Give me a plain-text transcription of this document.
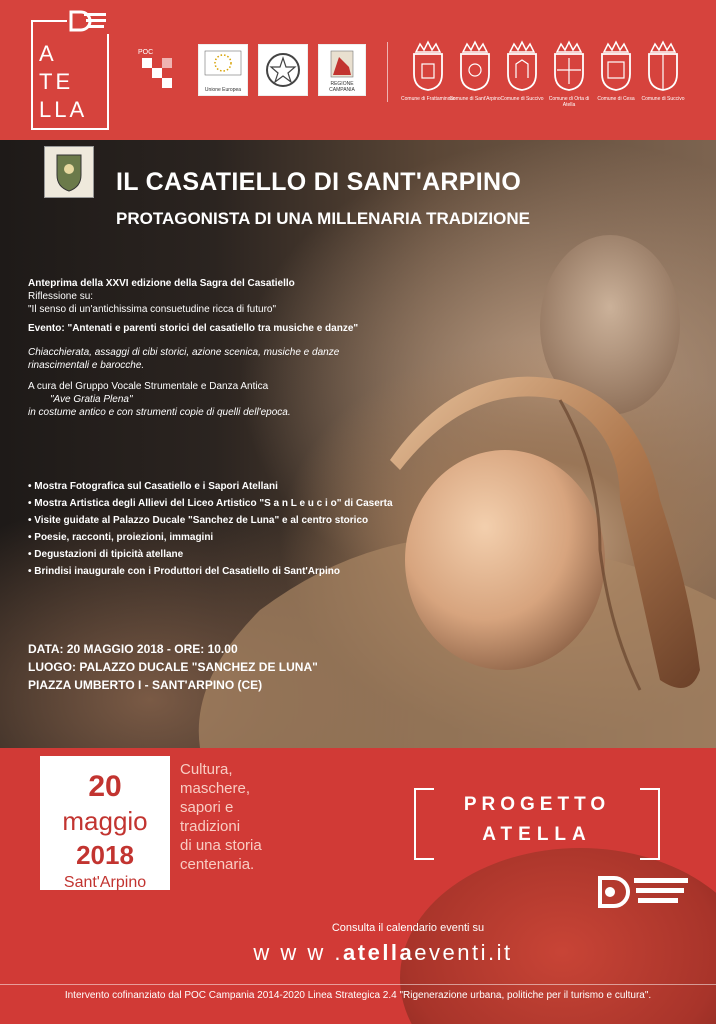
A
TE
LLA
POC
Unione Europea
REGIONE CAMPANIA
Comune di Frattaminore
Comune di Sant'Arpino Comune di Succivo	Comune di Orta di Atella
Comune di Cesa	Comune di Succivo
IL CASATIELLO DI SANT'ARPINO
PROTAGONISTA DI UNA MILLENARIA TRADIZIONE
Anteprima della XXVI edizione della Sagra del Casatiello
Riflessione su:
"Il senso di un'antichissima consuetudine ricca di futuro"
Evento: "Antenati e parenti storici del casatiello tra musiche e danze"
Chiacchierata, assaggi di cibi storici, azione scenica, musiche e danze
rinascimentali e barocche.
A cura del Gruppo Vocale Strumentale e Danza Antica
"Ave Gratia Plena"
in costume antico e con strumenti copie di quelli dell'epoca.
• Mostra Fotografica sul Casatiello e i Sapori Atellani
• Mostra Artistica degli Allievi del Liceo Artistico "S a n L e u c i o" di Caserta
• Visite guidate al Palazzo Ducale "Sanchez de Luna" e al centro storico
• Poesie, racconti, proiezioni, immagini
• Degustazioni di tipicità atellane
• Brindisi inaugurale con i Produttori del Casatiello di Sant'Arpino
DATA: 20 MAGGIO 2018 - ORE: 10.00
LUOGO: PALAZZO DUCALE "SANCHEZ DE LUNA"
PIAZZA UMBERTO I - SANT'ARPINO (CE)
20
maggio
2018
Sant'Arpino
Cultura,
maschere,
sapori e
tradizioni
di una storia
centenaria.
PROGETTO
ATELLA
Consulta il calendario eventi su
w w w .atellaeventi.it
Intervento cofinanziato dal POC Campania 2014-2020 Linea Strategica 2.4 "Rigenerazione urbana, politiche per il turismo e cultura".
